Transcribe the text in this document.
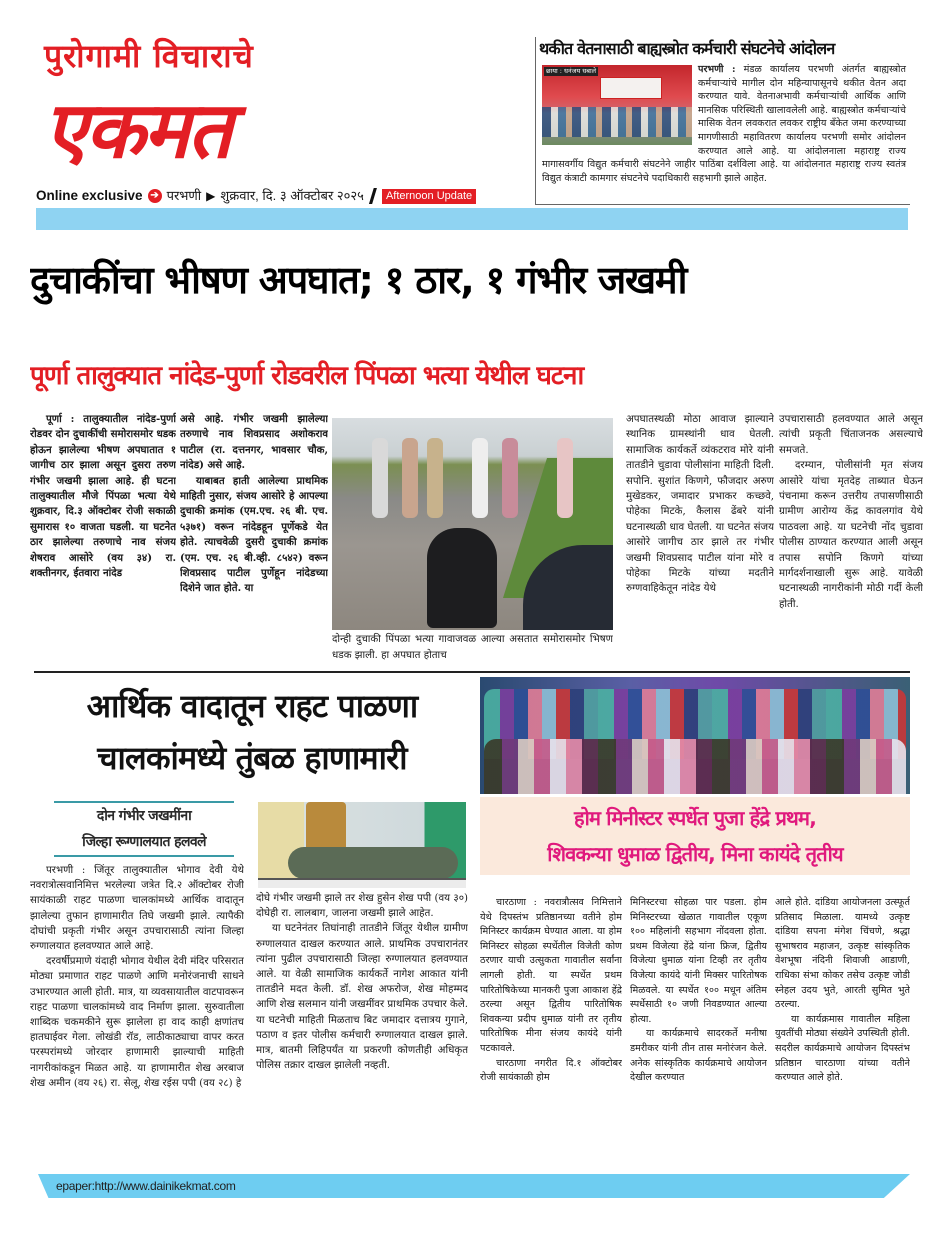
पुरोगामी विचाराचे
एकमत
Online exclusive ➔ परभणी ▶ शुक्रवार, दि. ३ ऑक्टोबर २०२५	Afternoon Update
थकीत वेतनासाठी बाह्यस्त्रोत कर्मचारी संघटनेचे आंदोलन
छाया : धनंजय धबाले	परभणी : मंडळ कार्यालय परभणी अंतर्गत बाह्यस्त्रोत कर्मचाऱ्यांचे मागील दोन महिन्यापासूनचे थकीत वेतन अदा करण्यात यावे. वेतनाअभावी कर्मचाऱ्यांची आर्थिक आणि मानसिक परिस्थिती खालावलेली आहे. बाह्यस्त्रोत कर्मचाऱ्यांचे मासिक वेतन लवकरात लवकर राष्ट्रीय बँकेत जमा करण्याच्या मागणीसाठी महावितरण कार्यालय परभणी समोर आंदोलन करण्यात आले आहे. या आंदोलनाला महाराष्ट्र राज्य मागासवर्गीय विद्युत कर्मचारी संघटनेने जाहीर पाठिंबा दर्शविला आहे. या आंदोलनात महाराष्ट्र राज्य स्वतंत्र विद्युत कंत्राटी कामगार संघटनेचे पदाधिकारी सहभागी झाले आहेत.
दुचाकींचा भीषण अपघात; १ ठार, १ गंभीर जखमी
पूर्णा तालुक्यात नांदेड-पुर्णा रोडवरील पिंपळा भत्या येथील घटना
पूर्णा : तालुक्यातील नांदेड-पुर्णा रोडवर दोन दुचाकींची समोरासमोर धडक होऊन झालेल्या भीषण अपघातात १ जागीच ठार झाला असून दुसरा तरुण गंभीर जखमी झाला आहे. ही घटना तालुक्यातील मौजे पिंपळा भत्या येथे शुक्रवार, दि.३ ऑक्टोबर रोजी सकाळी सुमारास १० वाजता घडली. या घटनेत ठार झालेल्या तरुणाचे नाव संजय शेषराव आसोरे (वय ३४) रा. शक्तीनगर, ईतवारा नांदेड
असे आहे. गंभीर जखमी झालेल्या तरुणाचे नाव शिवप्रसाद अशोकराव पाटील (रा. दत्तनगर, भावसार चौक, नांदेड) असे आहे.
याबाबत हाती आलेल्या प्राथमिक माहिती नुसार, संजय आसोरे हे आपल्या दुचाकी क्रमांक (एम.एच. २६ बी. एच. ५३७१) वरून नांदेडहून पूर्णेकडे येत होते. त्याचवेळी दुसरी दुचाकी क्रमांक (एम. एच. २६ बी.व्ही. ८५४२) वरून शिवप्रसाद पाटील पुर्णेहून नांदेडच्या दिशेने जात होते. या
दोन्ही दुचाकी पिंपळा भत्या गावाजवळ आल्या असतात समोरासमोर भिषण धडक झाली. हा अपघात होताच
अपघातस्थळी मोठा आवाज झाल्याने स्थानिक ग्रामस्थांनी धाव घेतली. सामाजिक कार्यकर्ते व्यंकटराव मोरे यांनी तातडीने चुडावा पोलीसांना माहिती दिली. सपोनि. सुशांत किणगे, फौजदार अरुण मुखेडकर, जमादार प्रभाकर कच्छवे, पोहेका मिटके, कैलास ढेंबरे यांनी घटनास्थळी धाव घेतली. या घटनेत संजय आसोरे जागीच ठार झाले तर गंभीर जखमी शिवप्रसाद पाटील यांना मोरे व पोहेका मिटके यांच्या मदतीने रुग्णवाहिकेतून नांदेड येथे
उपचारासाठी हलवण्यात आले असून त्यांची प्रकृती चिंताजनक असल्याचे समजते.
दरम्यान, पोलीसांनी मृत संजय आसोरे यांचा मृतदेह ताब्यात घेऊन पंचनामा करून उत्तरीय तपासणीसाठी ग्रामीण आरोग्य केंद्र कावलगांव येथे पाठवला आहे. या घटनेची नोंद चुडावा पोलीस ठाण्यात करण्यात आली असून तपास सपोनि किणगे यांच्या मार्गदर्शनाखाली सुरू आहे. यावेळी घटनास्थळी नागरीकांनी मोठी गर्दी केली होती.
आर्थिक वादातून राहट पाळणा
चालकांमध्ये तुंबळ हाणामारी
दोन गंभीर जखमींना
जिल्हा रूग्णालयात हलवले
परभणी : जिंतूर तालुक्यातील भोगाव देवी येथे नवरात्रोत्सवानिमित्त भरलेल्या जत्रेत दि.२ ऑक्टोबर रोजी सायंकाळी राहट पाळणा चालकांमध्ये आर्थिक वादातून झालेल्या तुफान हाणामारीत तिघे जखमी झाले. त्यापैकी दोघांची प्रकृती गंभीर असून उपचारासाठी त्यांना जिल्हा रुग्णालयात हलवण्यात आले आहे.
दरवर्षीप्रमाणे यंदाही भोगाव येथील देवी मंदिर परिसरात मोठ्या प्रमाणात राहट पाळणे आणि मनोरंजनाची साधने उभारण्यात आली होती. मात्र, या व्यवसायातील वाटपावरून राहट पाळणा चालकांमध्ये वाद निर्माण झाला. सुरुवातीला शाब्दिक चकमकीने सुरू झालेला हा वाद काही क्षणांतच हातघाईवर गेला. लोखंडी रॉड, लाठीकाठ्याचा वापर करत परस्परांमध्ये जोरदार हाणामारी झाल्याची माहिती नागरीकांकडून मिळत आहे. या हाणामारीत शेख अरबाज शेख अमीन (वय २६) रा. सेलू, शेख रईस पपी (वय २८) हे
दोघे गंभीर जखमी झाले तर शेख हुसेन शेख पपी (वय ३०) दोघेही रा. लालबाग, जालना जखमी झाले आहेत.
या घटनेनंतर तिघांनाही तातडीने जिंतूर येथील ग्रामीण रुग्णालयात दाखल करण्यात आले. प्राथमिक उपचारानंतर त्यांना पुढील उपचारासाठी जिल्हा रुग्णालयात हलवण्यात आले. या वेळी सामाजिक कार्यकर्ते नागेश आकात यांनी तातडीने मदत केली. डॉ. शेख अफरोज, शेख मोहम्मद आणि शेख सलमान यांनी जखमींवर प्राथमिक उपचार केले. या घटनेची माहिती मिळताच बिट जमादार दत्तात्रय गुगाने, पठाण व इतर पोलीस कर्मचारी रुग्णालयात दाखल झाले. मात्र, बातमी लिहिपर्यंत या प्रकरणी कोणतीही अधिकृत पोलिस तक्रार दाखल झालेली नव्हती.
होम मिनीस्टर स्पर्धेत पुजा हेंद्रे प्रथम,
शिवकन्या धुमाळ द्वितीय, मिना कायंदे तृतीय
चारठाणा : नवरात्रौत्सव निमित्ताने येथे दिपस्तंभ प्रतिष्ठानच्या वतीने होम मिनिस्टर कार्यक्रम घेण्यात आला. या होम मिनिस्टर सोहळा स्पर्धेतील विजेती कोण ठरणार याची उत्सुकता गावातील सर्वांना लागली होती. या स्पर्धेत प्रथम पारितोषिकेच्या मानकरी पुजा आकाश हेंद्रे ठरल्या असून द्वितीय पारितोषिक शिवकन्या प्रदीप धुमाळ यांनी तर तृतीय पारितोषिक मीना संजय कायंदे यांनी पटकावले.
चारठाणा नगरीत दि.१ ऑक्टोबर रोजी सायंकाळी होम
मिनिस्टरचा सोहळा पार पडला. होम मिनिस्टरच्या खेळात गावातील एकूण १०० महिलांनी सहभाग नोंदवला होता. प्रथम विजेत्या हेंद्रे यांना फ्रिज, द्वितीय विजेत्या धुमाळ यांना टिव्ही तर तृतीय विजेत्या कायंदे यांनी मिक्सर पारितोषक मिळवले. या स्पर्धेत १०० मधून अंतिम स्पर्धेसाठी १० जणी निवडण्यात आल्या होत्या.
या कार्यक्रमाचे सादरकर्ते मनीषा डमरीकर यांनी तीन तास मनोरंजन केले. अनेक सांस्कृतिक कार्यक्रमाचे आयोजन देखील करण्यात
आले होते. दांडिया आयोजनला उत्स्फूर्त प्रतिसाद मिळाला. यामध्ये उत्कृष्ट दांडिया सपना मंगेश चिंचणे, श्रद्धा सुभाषराव महाजन, उत्कृष्ट सांस्कृतिक वेशभूषा नंदिनी शिवाजी आडाणी, राधिका संभा कोकर तसेच उत्कृष्ट जोडी स्नेहल उदय भुते, आरती सुमित भुते ठरल्या.
या कार्यक्रमास गावातील महिला युवतींची मोठ्या संख्येने उपस्थिती होती. सदरील कार्यक्रमाचे आयोजन दिपस्तंभ प्रतिष्ठान चारठाणा यांच्या वतीने करण्यात आले होते.
epaper:http://www.dainikekmat.com
